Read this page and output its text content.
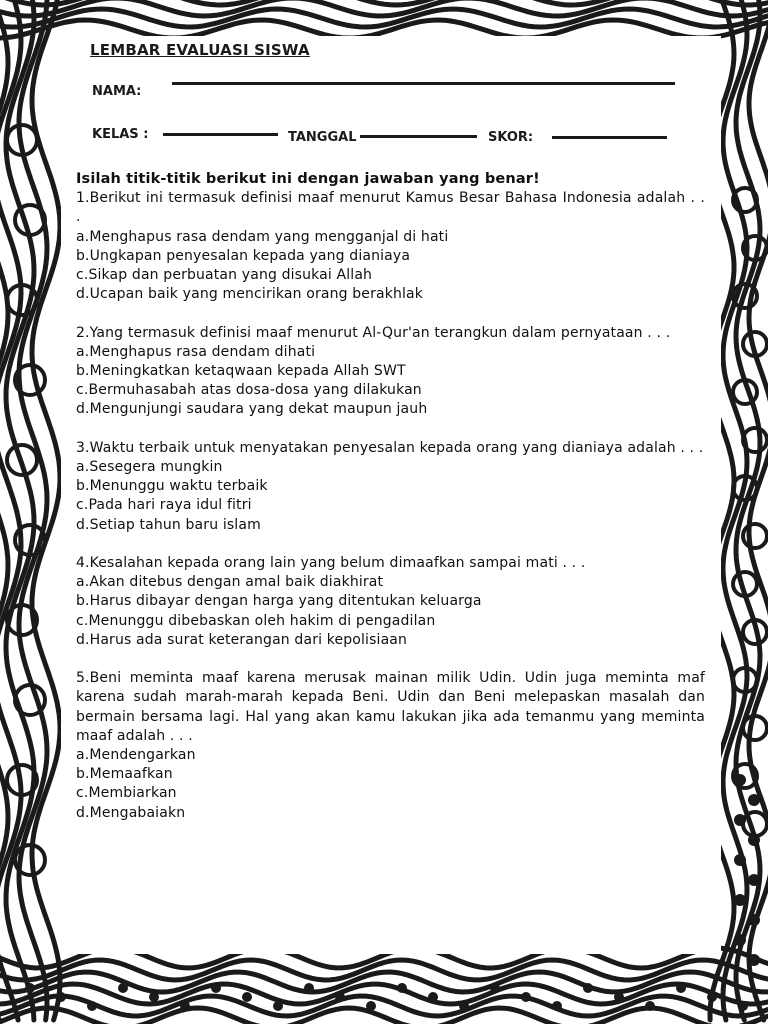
LEMBAR EVALUASI SISWA
NAMA:
KELAS :	TANGGAL	SKOR:

Isilah titik-titik berikut ini dengan jawaban yang benar!

1.Berikut ini termasuk definisi maaf menurut Kamus Besar Bahasa Indonesia adalah . . .

a.Menghapus rasa dendam yang mengganjal di hati

b.Ungkapan penyesalan kepada yang dianiaya

c.Sikap dan perbuatan yang disukai Allah

d.Ucapan baik yang mencirikan orang berakhlak

2.Yang termasuk definisi maaf menurut Al-Qur'an terangkun dalam pernyataan . . .

a.Menghapus rasa dendam dihati

b.Meningkatkan ketaqwaan kepada Allah SWT

c.Bermuhasabah atas dosa-dosa yang dilakukan

d.Mengunjungi saudara yang dekat maupun jauh

3.Waktu terbaik untuk menyatakan penyesalan kepada orang yang dianiaya adalah . . .

a.Sesegera mungkin

b.Menunggu waktu terbaik

c.Pada hari raya idul fitri

d.Setiap tahun baru islam

4.Kesalahan kepada orang lain yang belum dimaafkan sampai mati . . .

a.Akan ditebus dengan amal baik diakhirat

b.Harus dibayar dengan harga yang ditentukan keluarga

c.Menunggu dibebaskan oleh hakim di pengadilan

d.Harus ada surat keterangan dari kepolisiaan

5.Beni meminta maaf karena merusak mainan milik Udin. Udin juga meminta maf karena sudah marah-marah kepada Beni. Udin dan Beni melepaskan masalah dan bermain bersama lagi. Hal yang akan kamu lakukan jika ada temanmu yang meminta maaf adalah . . .

a.Mendengarkan

b.Memaafkan

c.Membiarkan

d.Mengabaiakn
